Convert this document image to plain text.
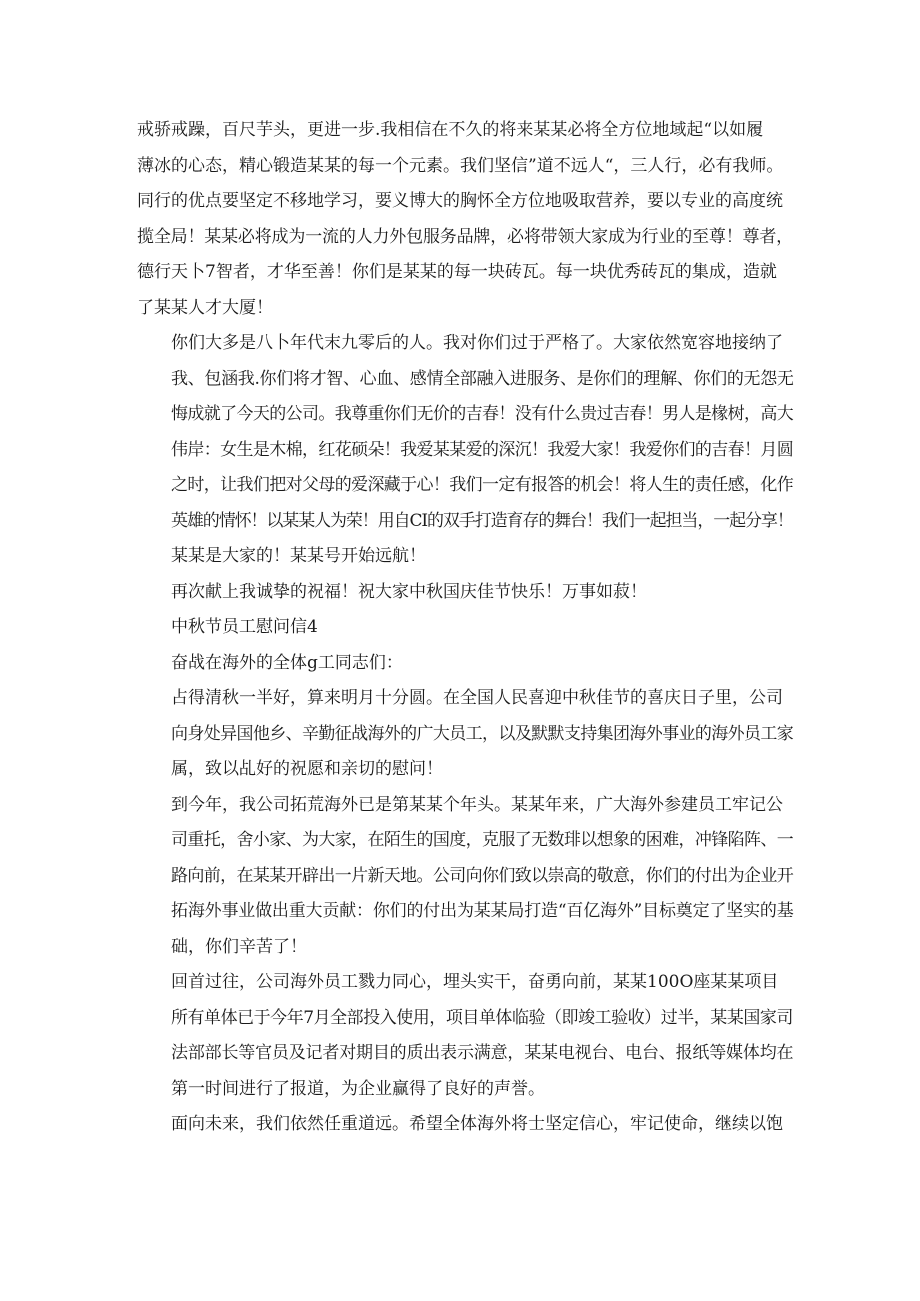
戒骄戒躁，百尺芋头，更进一步.我相信在不久的将来某某必将全方位地域起“以如履
薄冰的心态，精心锻造某某的每一个元素。我们坚信”道不远人“，三人行，必有我师。
同行的优点要坚定不移地学习，要义博大的胸怀全方位地吸取营养，要以专业的高度统
揽全局！某某必将成为一流的人力外包服务品牌，必将带领大家成为行业的至尊！尊者，
德行天卜7智者，才华至善！你们是某某的每一块砖瓦。每一块优秀砖瓦的集成，造就
了某某人才大厦！

你们大多是八卜年代末九零后的人。我对你们过于严格了。大家依然宽容地接纳了
我、包涵我.你们将才智、心血、感情全部融入进服务、是你们的理解、你们的无怨无
悔成就了今天的公司。我尊重你们无价的吉春！没有什么贵过吉春！男人是椽树，高大
伟岸：女生是木棉，红花硕朵！我爱某某爱的深沉！我爱大家！我爱你们的吉春！月圆
之时，让我们把对父母的爱深藏于心！我们一定有报答的机会！将人生的责任感，化作
英雄的情怀！以某某人为荣！用自CI的双手打造育存的舞台！我们一起担当，一起分享！
某某是大家的！某某号开始远航！

再次献上我诚挚的祝福！祝大家中秋国庆佳节快乐！万事如菽！

中秋节员工慰问信4

奋战在海外的全体g工同志们：

占得清秋一半好，算来明月十分圆。在全国人民喜迎中秋佳节的喜庆日子里，公司
向身处异国他乡、辛勤征战海外的广大员工，以及默默支持集团海外事业的海外员工家
属，致以乩好的祝愿和亲切的慰问！

到今年，我公司拓荒海外已是第某某个年头。某某年来，广大海外参建员工牢记公
司重托，舍小家、为大家，在陌生的国度，克服了无数琲以想象的困难，冲锋陷阵、一
路向前，在某某开辟出一片新天地。公司向你们致以崇高的敬意，你们的付出为企业开
拓海外事业做出重大贡献：你们的付出为某某局打造“百亿海外”目标奠定了坚实的基
础，你们辛苦了！

回首过往，公司海外员工戮力同心，埋头实干，奋勇向前，某某100O座某某项目
所有单体已于今年7月全部投入使用，项目单体临验（即竣工验收）过半，某某国家司
法部部长等官员及记者对期目的质出表示满意，某某电视台、电台、报纸等媒体均在
第一时间进行了报道，为企业赢得了良好的声誉。

面向未来，我们依然任重道远。希望全体海外将士坚定信心，牢记使命，继续以饱
